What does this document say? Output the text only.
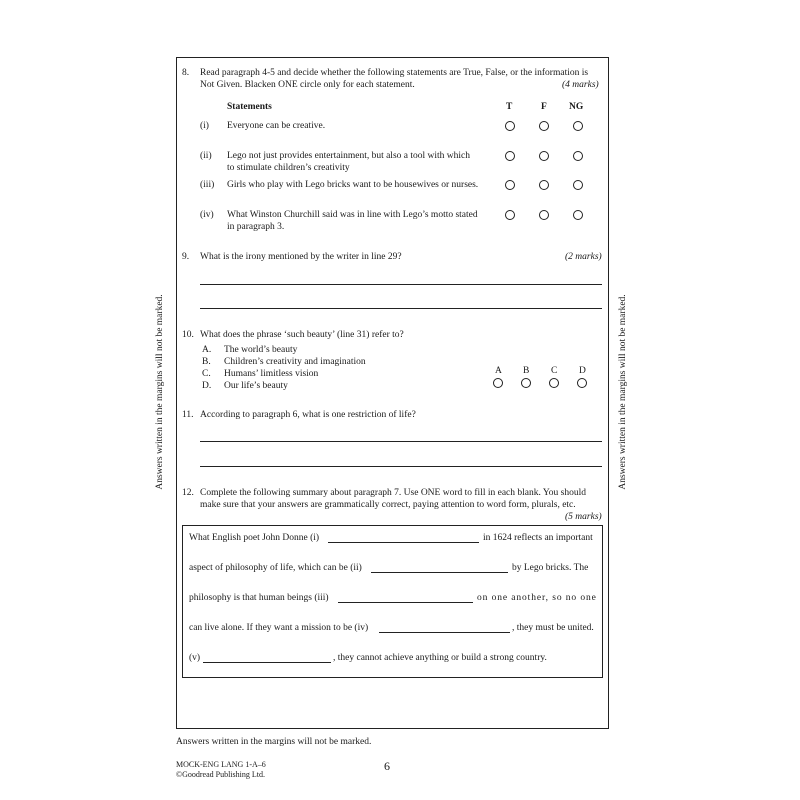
Answers written in the margins will not be marked.	Answers written in the margins will not be marked.
8. Read paragraph 4-5 and decide whether the following statements are True, False, or the information is
Not Given. Blacken ONE circle only for each statement.	(4 marks)
Statements	T	F NG
(i) Everyone can be creative.
(ii) Lego not just provides entertainment, but also a tool with which
to stimulate children’s creativity
(iii) Girls who play with Lego bricks want to be housewives or nurses.
(iv) What Winston Churchill said was in line with Lego’s motto stated
in paragraph 3.
9. What is the irony mentioned by the writer in line 29?	(2 marks)
10. What does the phrase ‘such beauty’ (line 31) refer to?
A. The world’s beauty
B. Children’s creativity and imagination
C. Humans’ limitless vision
D. Our life’s beauty
A B C D
11. According to paragraph 6, what is one restriction of life?
12. Complete the following summary about paragraph 7. Use ONE word to fill in each blank. You should
make sure that your answers are grammatically correct, paying attention to word form, plurals, etc.
(5 marks)
What English poet John Donne (i)	in 1624 reflects an important
aspect of philosophy of life, which can be (ii)	by Lego bricks. The
philosophy is that human beings (iii)	on one another, so no one
can live alone. If they want a mission to be (iv)	, they must be united.
(v)	, they cannot achieve anything or build a strong country.
Answers written in the margins will not be marked.
MOCK-ENG LANG 1-A–6
©Goodread Publishing Ltd.
6
